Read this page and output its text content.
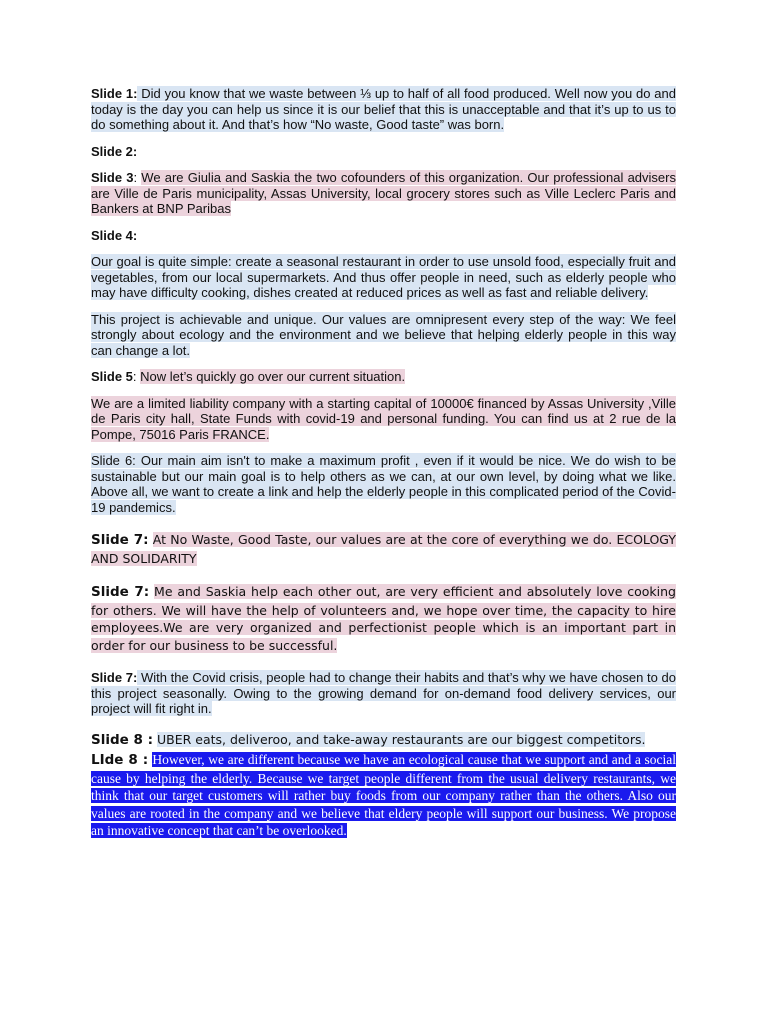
Slide 1: Did you know that we waste between ⅓ up to half of all food produced. Well now you do and today is the day you can help us since it is our belief that this is unacceptable and that it’s up to us to do something about it. And that’s how “No waste, Good taste” was born.

Slide 2:

Slide 3: We are Giulia and Saskia the two cofounders of this organization. Our professional advisers are Ville de Paris municipality, Assas University, local grocery stores such as Ville Leclerc Paris and Bankers at BNP Paribas

Slide 4:

Our goal is quite simple: create a seasonal restaurant in order to use unsold food, especially fruit and vegetables, from our local supermarkets. And thus offer people in need, such as elderly people who may have difficulty cooking, dishes created at reduced prices as well as fast and reliable delivery.

This project is achievable and unique. Our values are omnipresent every step of the way: We feel strongly about ecology and the environment and we believe that helping elderly people in this way can change a lot.

Slide 5: Now let’s quickly go over our current situation.

We are a limited liability company with a starting capital of 10000€ financed by Assas University ,Ville de Paris city hall, State Funds with covid-19 and personal funding. You can find us at 2 rue de la Pompe, 75016 Paris FRANCE.

Slide 6: Our main aim isn't to make a maximum profit , even if it would be nice. We do wish to be sustainable but our main goal is to help others as we can, at our own level, by doing what we like. Above all, we want to create a link and help the elderly people in this complicated period of the Covid-19 pandemics.

Slide 7: At No Waste, Good Taste, our values are at the core of everything we do. ECOLOGY AND SOLIDARITY

Slide 7: Me and Saskia help each other out, are very efficient and absolutely love cooking for others. We will have the help of volunteers and, we hope over time, the capacity to hire employees.We are very organized and perfectionist people which is an important part in order for our business to be successful.

Slide 7: With the Covid crisis, people had to change their habits and that’s why we have chosen to do this project seasonally. Owing to the growing demand for on-demand food delivery services, our project will fit right in.

Slide 8 : UBER eats, deliveroo, and take-away restaurants are our biggest competitors.

LIde 8 : However, we are different because we have an ecological cause that we support and and a social cause by helping the elderly. Because we target people different from the usual delivery restaurants, we think that our target customers will rather buy foods from our company rather than the others. Also our values are rooted in the company and we believe that eldery people will support our business. We propose an innovative concept that can’t be overlooked.
